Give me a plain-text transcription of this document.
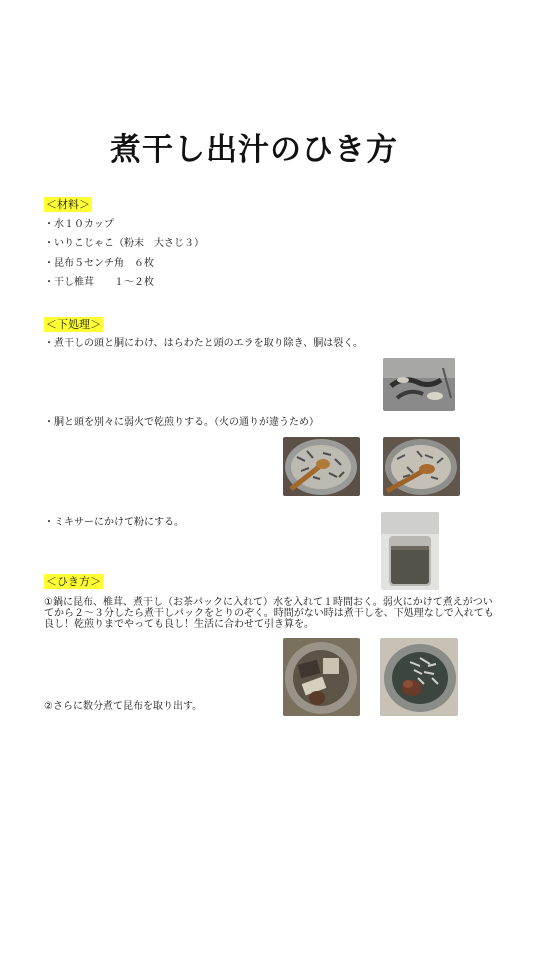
煮干し出汁のひき方
＜材料＞
・水１０カップ
・いりこじゃこ（粉末　大さじ３）
・昆布５センチ角　６枚
・干し椎茸　　１～２枚
＜下処理＞
・煮干しの頭と胴にわけ、はらわたと頭のエラを取り除き、胴は裂く。
・胴と頭を別々に弱火で乾煎りする。（火の通りが違うため）
・ミキサーにかけて粉にする。
＜ひき方＞
①鍋に昆布、椎茸、煮干し（お茶パックに入れて）水を入れて１時間おく。弱火にかけて煮えがついてから２～３分したら煮干しパックをとりのぞく。時間がない時は煮干しを、下処理なしで入れても良し！乾煎りまでやっても良し！生活に合わせて引き算を。
②さらに数分煮て昆布を取り出す。
